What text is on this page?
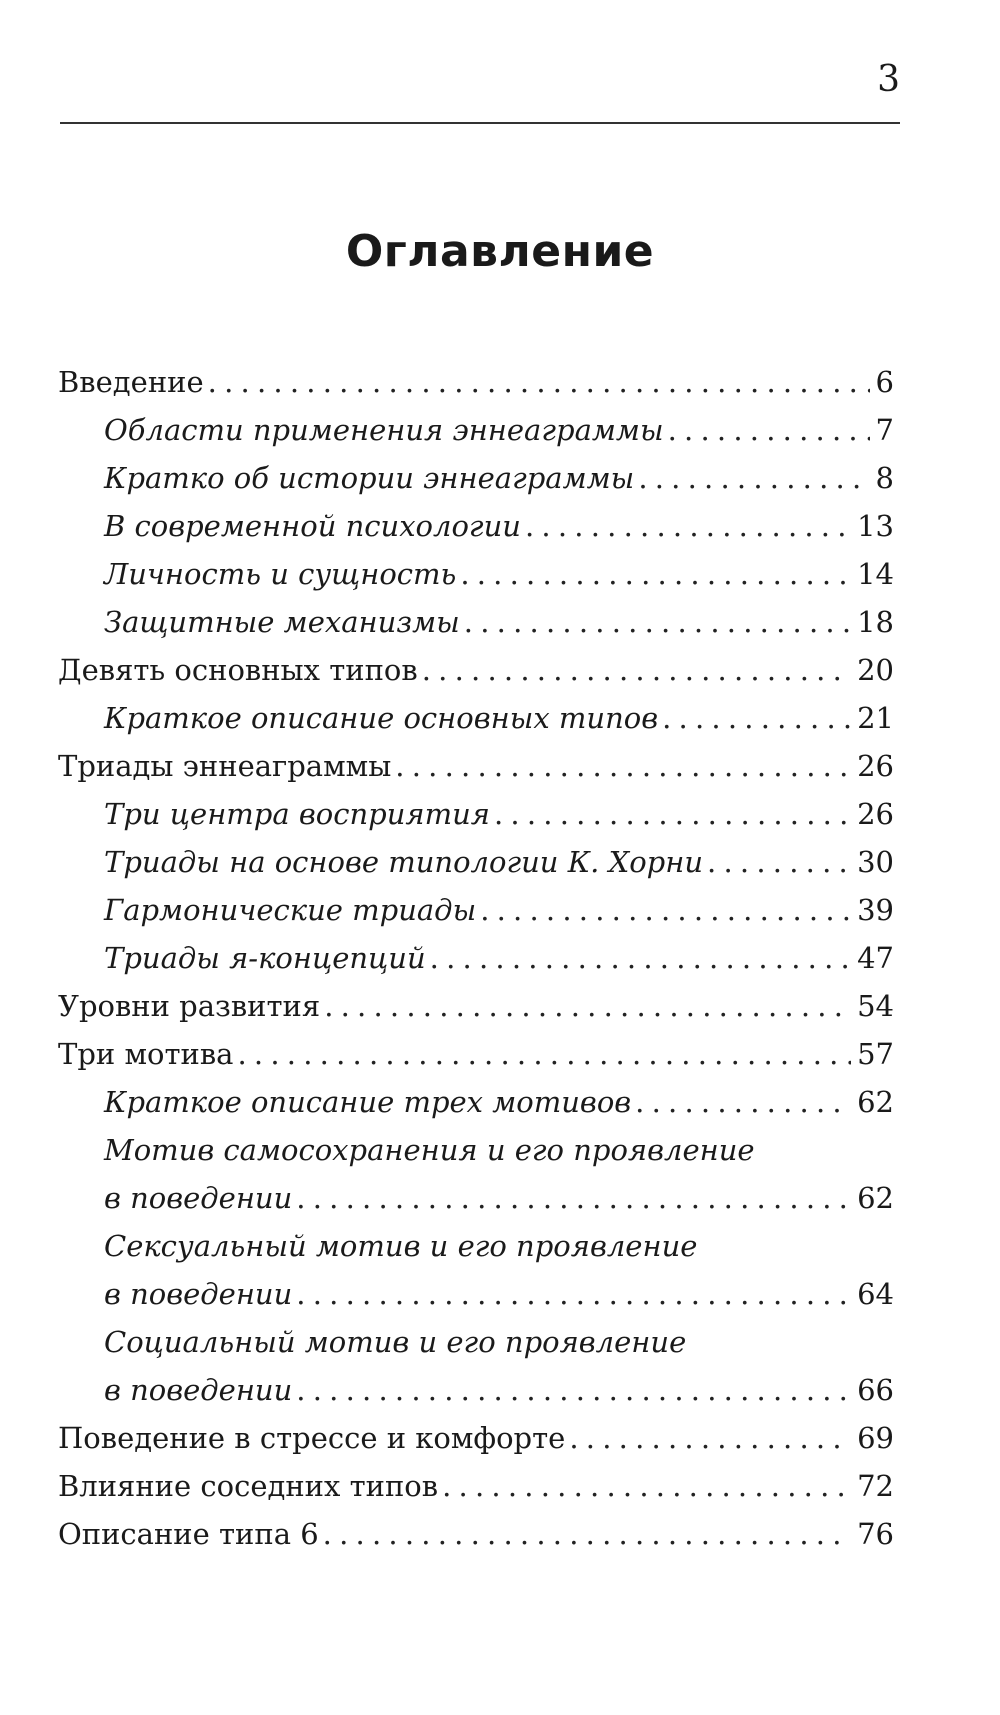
3
Оглавление
Введение . . .	6
Области применения эннеаграммы . . .	7
Кратко об истории эннеаграммы . . .	8
В современной психологии . . .	13
Личность и сущность . . .	14
Защитные механизмы . . .	18
Девять основных типов . . .	20
Краткое описание основных типов . . .	21
Триады эннеаграммы . . .	26
Три центра восприятия . . .	26
Триады на основе типологии К. Хорни . . .	30
Гармонические триады . . .	39
Триады я-концепций . . .	47
Уровни развития . . .	54
Три мотива . . .	57
Краткое описание трех мотивов . . .	62
Мотив самосохранения и его проявление
в поведении . . .	62
Сексуальный мотив и его проявление
в поведении . . .	64
Социальный мотив и его проявление
в поведении . . .	66
Поведение в стрессе и комфорте . . .	69
Влияние соседних типов . . .	72
Описание типа 6 . . .	76
